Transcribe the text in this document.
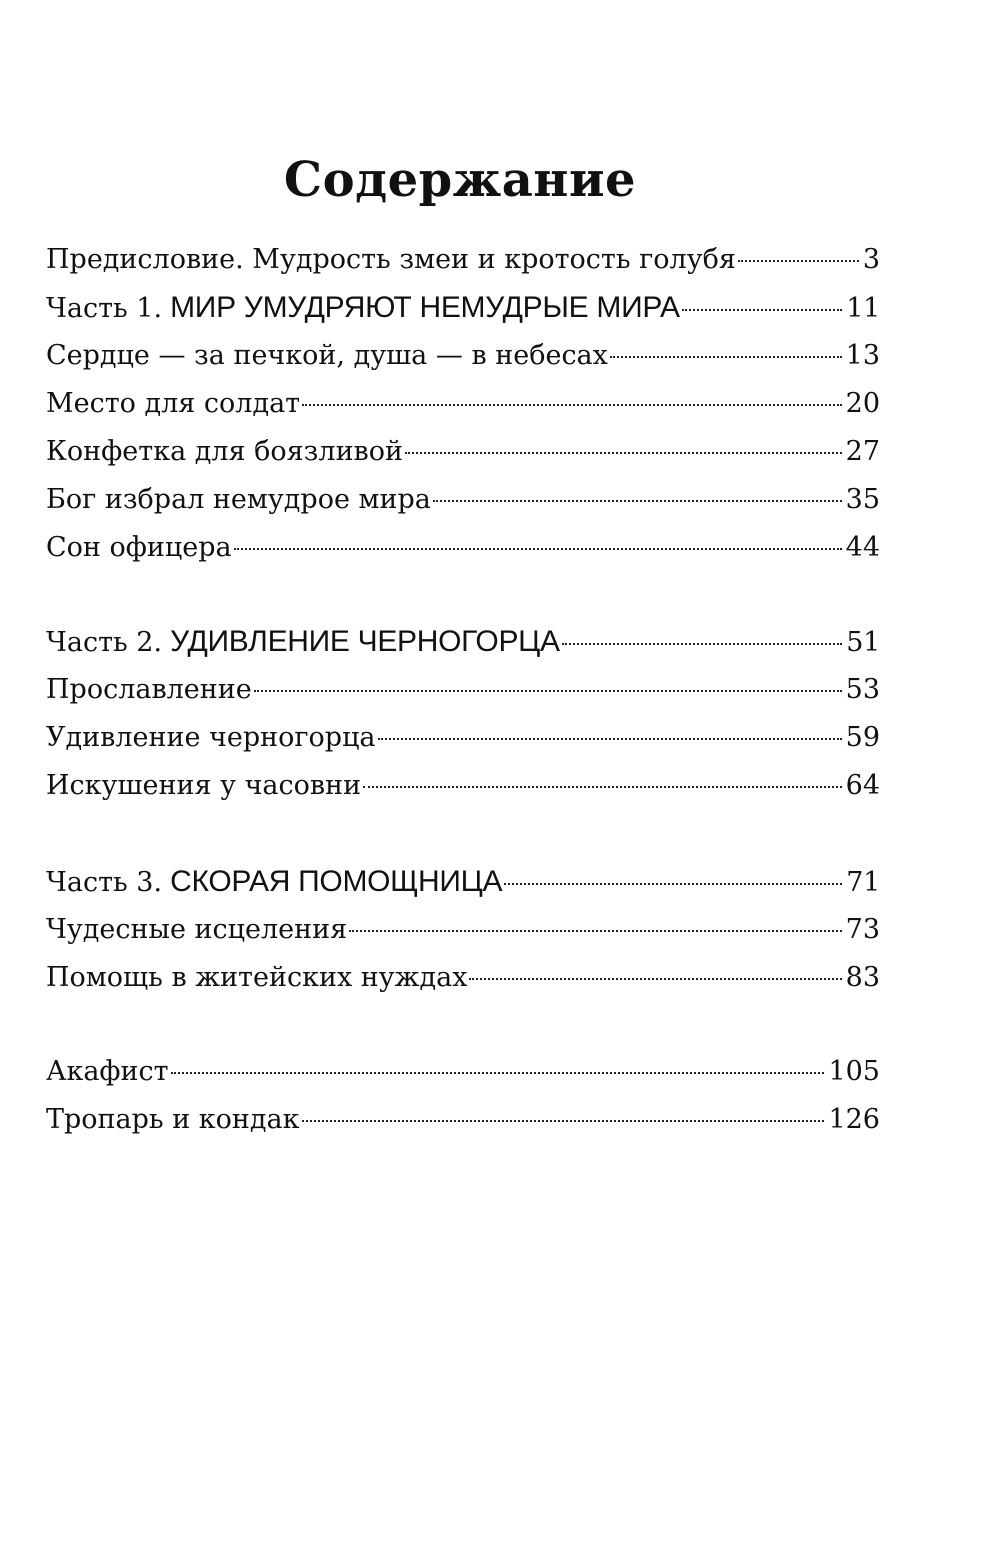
Содержание
Предисловие. Мудрость змеи и кротость голубя	3
Часть 1. МИР УМУДРЯЮТ НЕМУДРЫЕ МИРА	11
Сердце — за печкой, душа — в небесах	13
Место для солдат	20
Конфетка для боязливой	27
Бог избрал немудрое мира	35
Сон офицера	44
Часть 2. УДИВЛЕНИЕ ЧЕРНОГОРЦА	51
Прославление	53
Удивление черногорца	59
Искушения у часовни	64
Часть 3. СКОРАЯ ПОМОЩНИЦА	71
Чудесные исцеления	73
Помощь в житейских нуждах	83
Акафист	105
Тропарь и кондак	126
